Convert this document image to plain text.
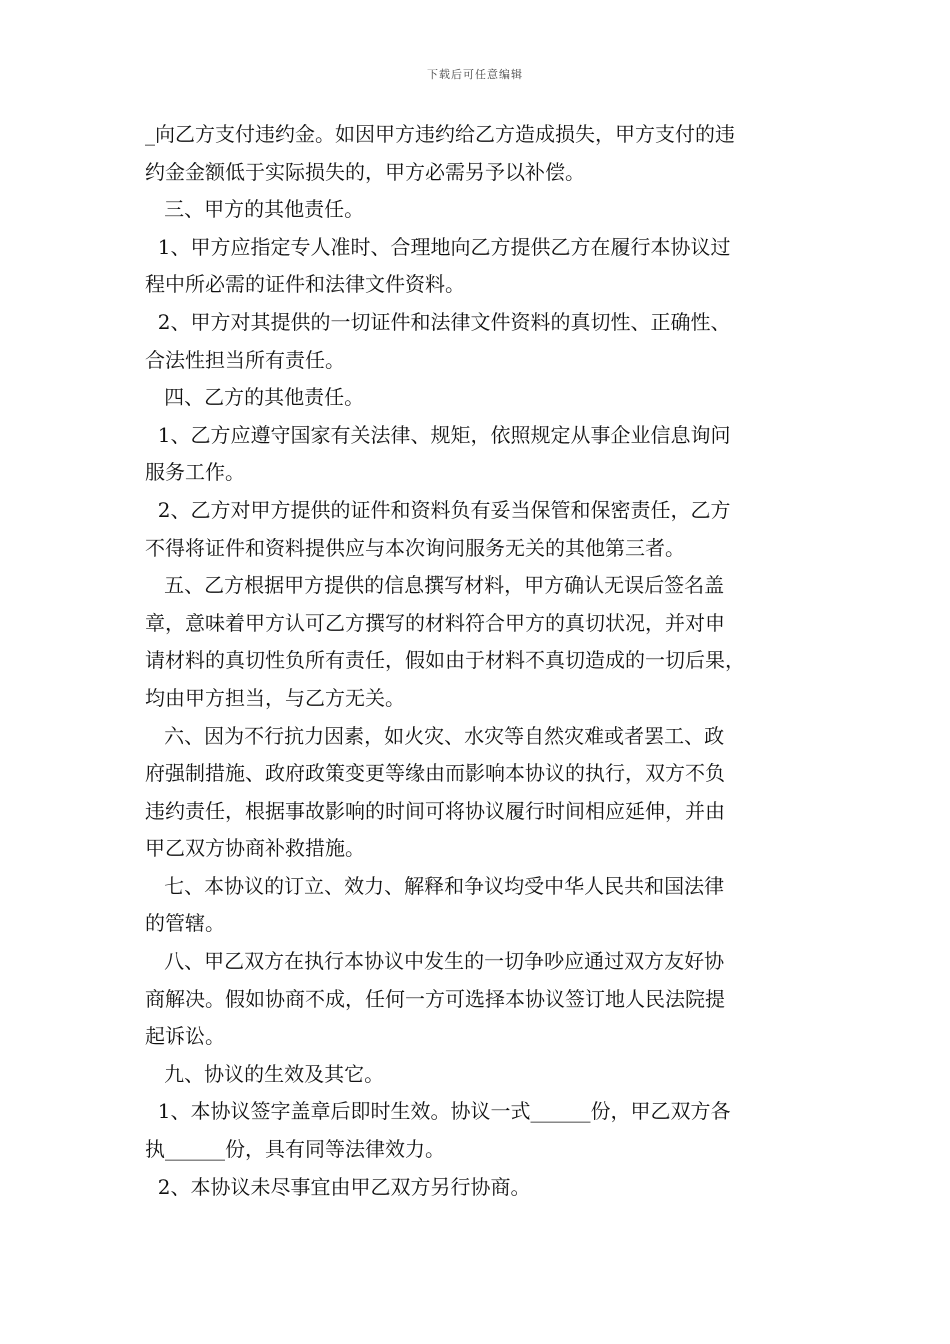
下载后可任意编辑
_向乙方支付违约金。如因甲方违约给乙方造成损失，甲方支付的违
约金金额低于实际损失的，甲方必需另予以补偿。
三、甲方的其他责任。
1、甲方应指定专人准时、合理地向乙方提供乙方在履行本协议过
程中所必需的证件和法律文件资料。
2、甲方对其提供的一切证件和法律文件资料的真切性、正确性、
合法性担当所有责任。
四、乙方的其他责任。
1、乙方应遵守国家有关法律、规矩，依照规定从事企业信息询问
服务工作。
2、乙方对甲方提供的证件和资料负有妥当保管和保密责任，乙方
不得将证件和资料提供应与本次询问服务无关的其他第三者。
五、乙方根据甲方提供的信息撰写材料，甲方确认无误后签名盖
章，意味着甲方认可乙方撰写的材料符合甲方的真切状况，并对申
请材料的真切性负所有责任，假如由于材料不真切造成的一切后果，
均由甲方担当，与乙方无关。
六、因为不行抗力因素，如火灾、水灾等自然灾难或者罢工、政
府强制措施、政府政策变更等缘由而影响本协议的执行，双方不负
违约责任，根据事故影响的时间可将协议履行时间相应延伸，并由
甲乙双方协商补救措施。
七、本协议的订立、效力、解释和争议均受中华人民共和国法律
的管辖。
八、甲乙双方在执行本协议中发生的一切争吵应通过双方友好协
商解决。假如协商不成，任何一方可选择本协议签订地人民法院提
起诉讼。
九、协议的生效及其它。
1、本协议签字盖章后即时生效。协议一式______份，甲乙双方各
执______份，具有同等法律效力。
2、本协议未尽事宜由甲乙双方另行协商。
